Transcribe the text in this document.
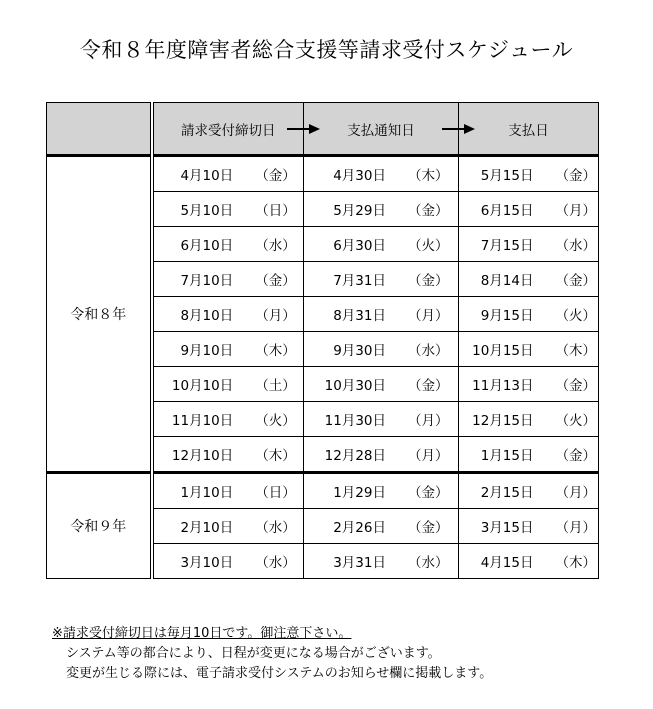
令和８年度障害者総合支援等請求受付スケジュール
	請求受付締切日	支払通知日	支払日
令和８年	4月10日 （金）	4月30日 （木）	5月15日 （金）

	5月10日 （日）	5月29日 （金）	6月15日 （月）

	6月10日 （水）	6月30日 （火）	7月15日 （水）

	7月10日 （金）	7月31日 （金）	8月14日 （金）

	8月10日 （月）	8月31日 （月）	9月15日 （火）

	9月10日 （木）	9月30日 （水）	10月15日 （木）

	10月10日 （土）	10月30日 （金）	11月13日 （金）

	11月10日 （火）	11月30日 （月）	12月15日 （火）

	12月10日 （木）	12月28日 （月）	1月15日 （金）

令和９年	1月10日 （日）	1月29日 （金）	2月15日 （月）

	2月10日 （水）	2月26日 （金）	3月15日 （月）

	3月10日 （水）	3月31日 （水）	4月15日 （木）
※請求受付締切日は毎月10日です。御注意下さい。
システム等の都合により、日程が変更になる場合がございます。
変更が生じる際には、電子請求受付システムのお知らせ欄に掲載します。
